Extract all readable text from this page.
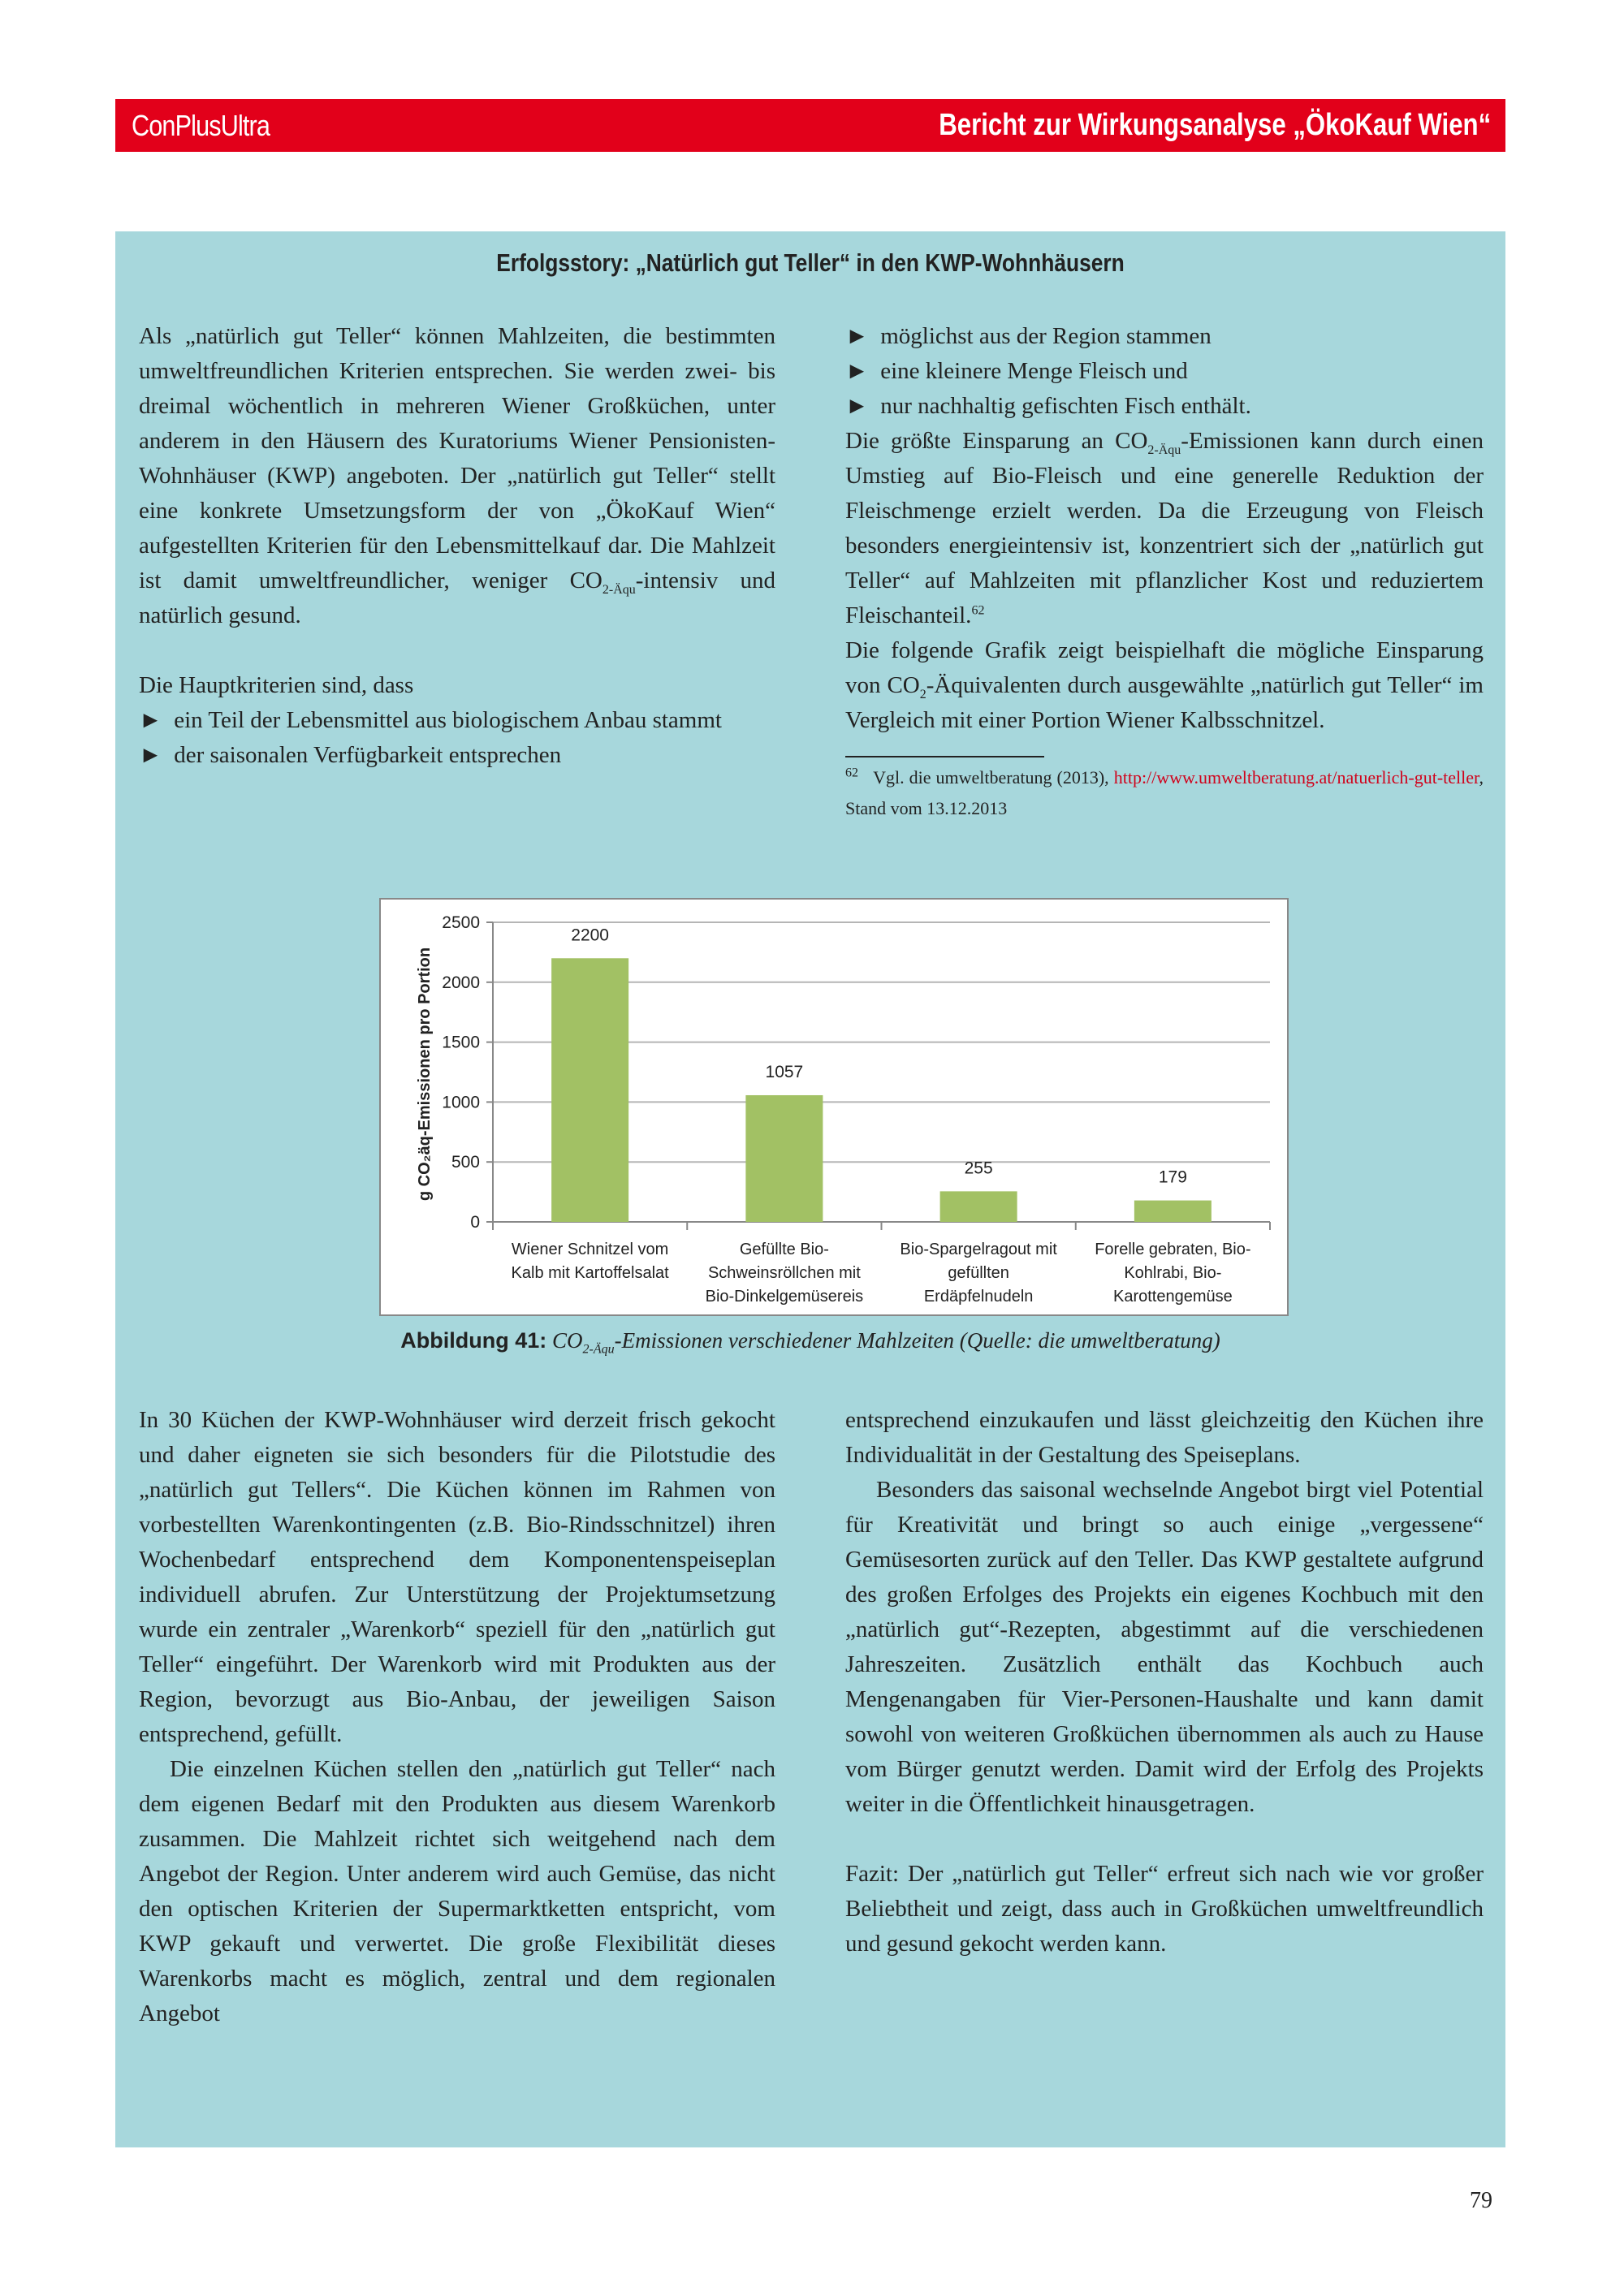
ConPlusUltra	Bericht zur Wirkungsanalyse „ÖkoKauf Wien“
Erfolgsstory: „Natürlich gut Teller“ in den KWP-Wohnhäusern

Als „natürlich gut Teller“ können Mahlzeiten, die bestimmten umweltfreundlichen Kriterien entsprechen. Sie werden zwei- bis dreimal wöchentlich in mehreren Wiener Großküchen, unter anderem in den Häusern des Kuratoriums Wiener Pensionisten-Wohnhäuser (KWP) angeboten. Der „natürlich gut Teller“ stellt eine konkrete Umsetzungsform der von „ÖkoKauf Wien“ aufgestellten Kriterien für den Lebensmittelkauf dar. Die Mahlzeit ist damit umweltfreundlicher, weniger $CO_{2-Äqu}$-intensiv und natürlich gesund.

Die Hauptkriterien sind, dass

► ein Teil der Lebensmittel aus biologischem Anbau stammt

► der saisonalen Verfügbarkeit entsprechen

► möglichst aus der Region stammen

► eine kleinere Menge Fleisch und

► nur nachhaltig gefischten Fisch enthält.

Die größte Einsparung an $CO_{2-Äqu}$-Emissionen kann durch einen Umstieg auf Bio-Fleisch und eine generelle Reduktion der Fleischmenge erzielt werden. Da die Erzeugung von Fleisch besonders energieintensiv ist, konzentriert sich der „natürlich gut Teller“ auf Mahlzeiten mit pflanzlicher Kost und reduziertem Fleischanteil.$^{62}$

Die folgende Grafik zeigt beispielhaft die mögliche Einsparung von $CO_2$-Äquivalenten durch ausgewählte „natürlich gut Teller“ im Vergleich mit einer Portion Wiener Kalbsschnitzel.

$^{62}$ Vgl. die umweltberatung (2013), http://www.umweltberatung.at/natuerlich-gut-teller, Stand vom 13.12.2013
g CO₂äq-Emissionen pro Portion
0
500
1000
1500
2000
2500
2200
Wiener Schnitzel vom
Kalb mit Kartoffelsalat
1057
Gefüllte Bio-
Schweinsröllchen mit
Bio-Dinkelgemüsereis
255
Bio-Spargelragout mit
gefüllten
Erdäpfelnudeln
179
Forelle gebraten, Bio-
Kohlrabi, Bio-
Karottengemüse
Abbildung 41: $CO_{2-Äqu}$-Emissionen verschiedener Mahlzeiten (Quelle: die umweltberatung)

In 30 Küchen der KWP-Wohnhäuser wird derzeit frisch gekocht und daher eigneten sie sich besonders für die Pilotstudie des „natürlich gut Tellers“. Die Küchen können im Rahmen von vorbestellten Warenkontingenten (z.B. Bio-Rindsschnitzel) ihren Wochenbedarf entsprechend dem Komponentenspeiseplan individuell abrufen. Zur Unterstützung der Projektumsetzung wurde ein zentraler „Warenkorb“ speziell für den „natürlich gut Teller“ eingeführt. Der Warenkorb wird mit Produkten aus der Region, bevorzugt aus Bio-Anbau, der jeweiligen Saison entsprechend, gefüllt.

Die einzelnen Küchen stellen den „natürlich gut Teller“ nach dem eigenen Bedarf mit den Produkten aus diesem Warenkorb zusammen. Die Mahlzeit richtet sich weitgehend nach dem Angebot der Region. Unter anderem wird auch Gemüse, das nicht den optischen Kriterien der Supermarktketten entspricht, vom KWP gekauft und verwertet. Die große Flexibilität dieses Warenkorbs macht es möglich, zentral und dem regionalen Angebot

entsprechend einzukaufen und lässt gleichzeitig den Küchen ihre Individualität in der Gestaltung des Speiseplans.

Besonders das saisonal wechselnde Angebot birgt viel Potential für Kreativität und bringt so auch einige „vergessene“ Gemüsesorten zurück auf den Teller. Das KWP gestaltete aufgrund des großen Erfolges des Projekts ein eigenes Kochbuch mit den „natürlich gut“-Rezepten, abgestimmt auf die verschiedenen Jahreszeiten. Zusätzlich enthält das Kochbuch auch Mengenangaben für Vier-Personen-Haushalte und kann damit sowohl von weiteren Großküchen übernommen als auch zu Hause vom Bürger genutzt werden. Damit wird der Erfolg des Projekts weiter in die Öffentlichkeit hinausgetragen.

Fazit: Der „natürlich gut Teller“ erfreut sich nach wie vor großer Beliebtheit und zeigt, dass auch in Großküchen umweltfreundlich und gesund gekocht werden kann.

79
